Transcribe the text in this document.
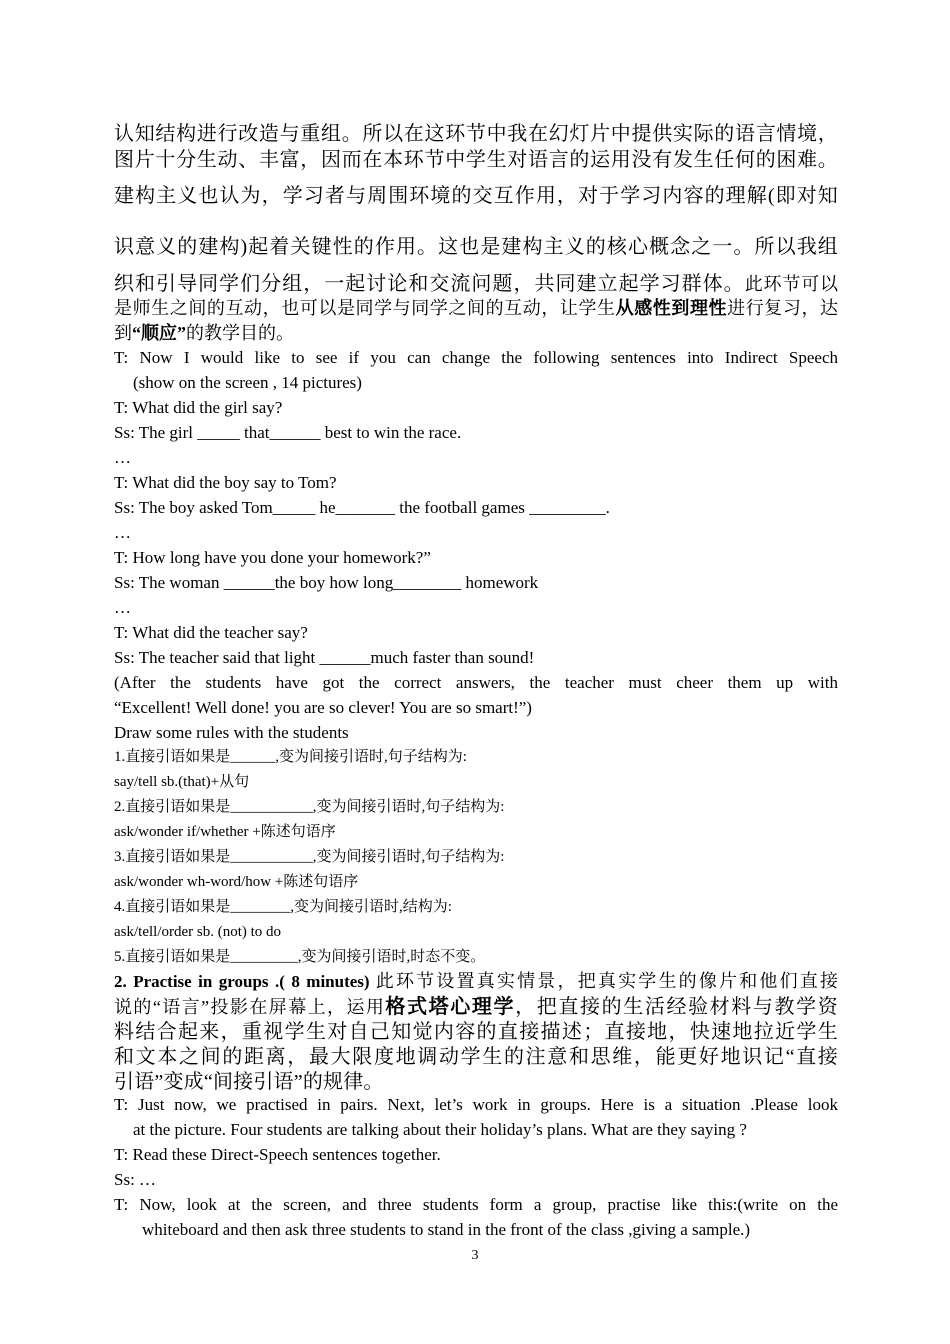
认知结构进行改造与重组。所以在这环节中我在幻灯片中提供实际的语言情境，
图片十分生动、丰富，因而在本环节中学生对语言的运用没有发生任何的困难。
建构主义也认为，学习者与周围环境的交互作用，对于学习内容的理解(即对知
识意义的建构)起着关键性的作用。这也是建构主义的核心概念之一。所以我组
织和引导同学们分组，一起讨论和交流问题，共同建立起学习群体。此环节可以
是师生之间的互动，也可以是同学与同学之间的互动，让学生从感性到理性进行复习，达
到“顺应”的教学目的。
T: Now I would like to see if you can change the following sentences into Indirect Speech
(show on the screen , 14 pictures)
T: What did the girl say?
Ss: The girl _____ that______ best to win the race.
…
T: What did the boy say to Tom?
Ss: The boy asked Tom_____ he_______ the football games _________.
…
T: How long have you done your homework?”
Ss: The woman ______the boy how long________ homework
…
T: What did the teacher say?
Ss: The teacher said that light ______much faster than sound!
(After the students have got the correct answers, the teacher must cheer them up with
“Excellent! Well done! you are so clever! You are so smart!”)
Draw some rules with the students
1.直接引语如果是______,变为间接引语时,句子结构为:
say/tell sb.(that)+从句
2.直接引语如果是___________,变为间接引语时,句子结构为:
ask/wonder if/whether +陈述句语序
3.直接引语如果是___________,变为间接引语时,句子结构为:
ask/wonder wh-word/how +陈述句语序
4.直接引语如果是________,变为间接引语时,结构为:
ask/tell/order sb. (not) to do
5.直接引语如果是_________,变为间接引语时,时态不变。
2. Practise in groups .( 8 minutes) 此环节设置真实情景，把真实学生的像片和他们直接
说的“语言”投影在屏幕上，运用格式塔心理学，把直接的生活经验材料与教学资
料结合起来，重视学生对自己知觉内容的直接描述；直接地，快速地拉近学生
和文本之间的距离，最大限度地调动学生的注意和思维，能更好地识记“直接
引语”变成“间接引语”的规律。
T: Just now, we practised in pairs. Next, let’s work in groups. Here is a situation .Please look
at the picture. Four students are talking about their holiday’s plans. What are they saying ?
T: Read these Direct-Speech sentences together.
Ss: …
T: Now, look at the screen, and three students form a group, practise like this:(write on the
whiteboard and then ask three students to stand in the front of the class ,giving a sample.)
3
